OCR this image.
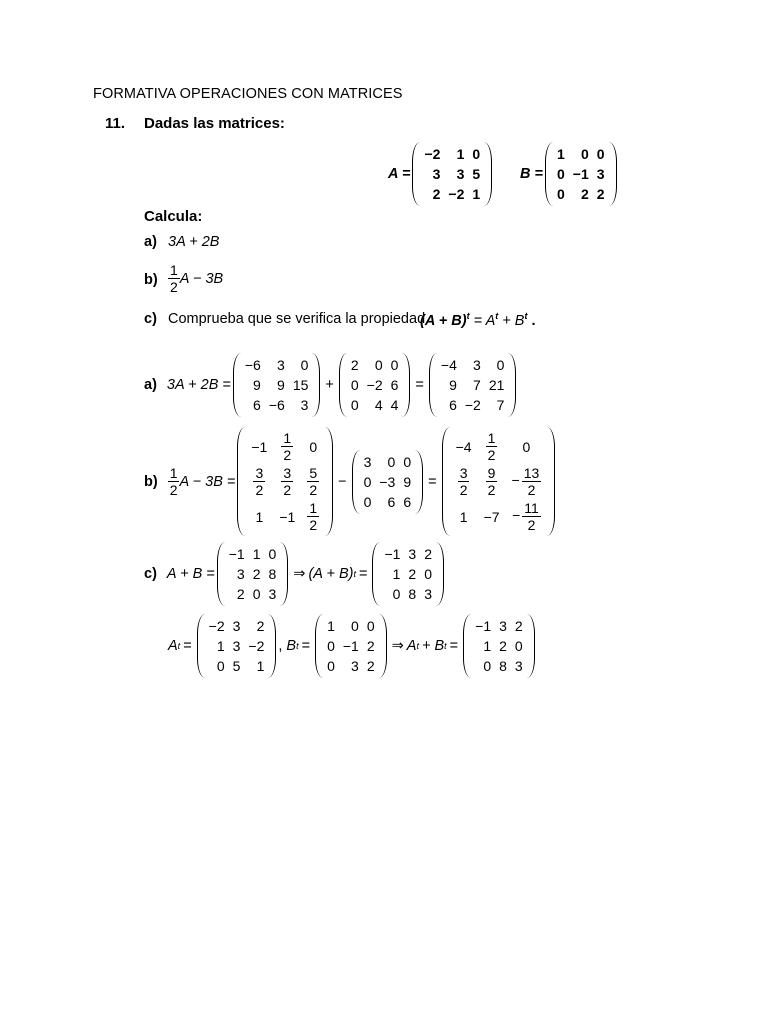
FORMATIVA OPERACIONES CON MATRICES
11. Dadas las matrices:
A =
−2	1 0
3	3 5
2 −2 1
B =
1	0 0
0 −1 3
0	2 2
Calcula:
a) 3A + 2B
$b) \frac{1}{2}$ A − 3B
c) Comprueba que se verifica la propiedad
$(A + B)^t = A^t + B^t$ .
a) 3A + 2B =
−6	3	0
9	9 15
6 −6	3
+
2	0 0
0 −2 6
0	4 4
=
−4	3	0
9	7 21
6 −2	7
$b) \frac{1}{2}$ A − 3B =
−1	$\frac{1}{2}$	0
$\frac{3}{2} \frac{3}{2} \frac{5}{2}$
1	$-1 \frac{1}{2}$
−
3	0 0
0 −3 9
0	6 6
=
−4	$\frac{1}{2}$	0
$\frac{3}{2} \frac{9}{2}$	− $\frac{13}{2}$
1	$-7 - \frac{11}{2}$
c) A + B =
−1 1 0
3 2 8
2 0 3
⇒ (A + B) t =
−1 3 2
1 2 0
0 8 3
A t =
−2 3	2
1 3 −2
0 5	1
, B t =
1	0 0
0 −1 2
0	3 2
⇒ A t + B t =
−1 3 2
1 2 0
0 8 3
